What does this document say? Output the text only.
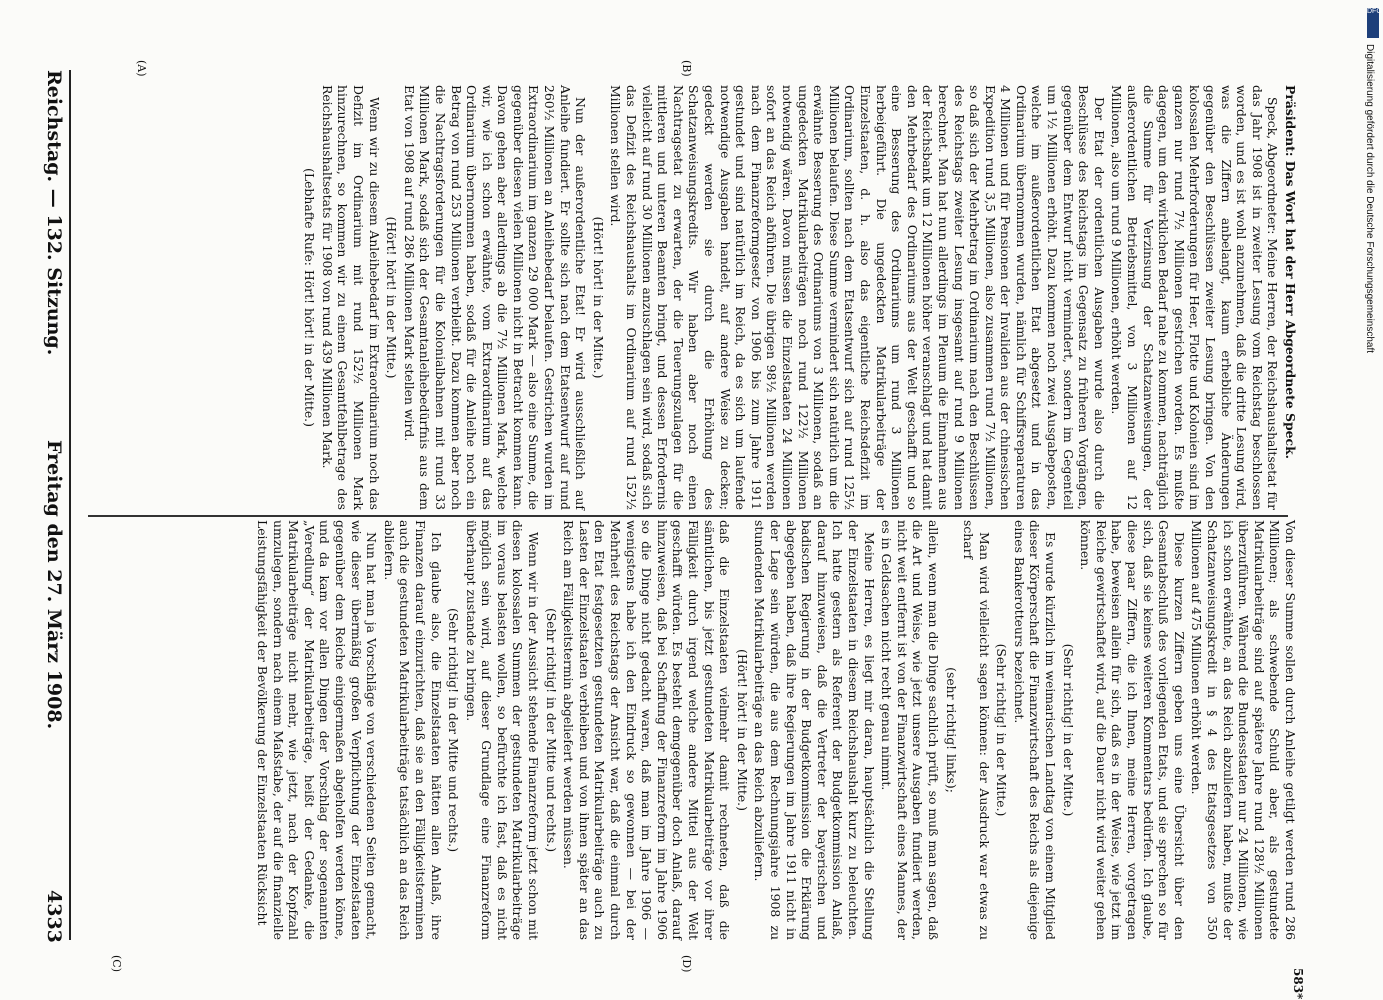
Reichstag. — 132. Sitzung.
Freitag den 27. März 1908.
4333

Präsident: Das Wort hat der Herr Abgeordnete Speck.

Speck, Abgeordneter: Meine Herren, der Reichshaushaltsetat für das Jahr 1908 ist in zweiter Lesung vom Reichstag beschlossen worden, und es ist wohl anzunehmen, daß die dritte Lesung wird, was die Ziffern anbelangt, kaum erhebliche Änderungen gegenüber den Beschlüssen zweiter Lesung bringen. Von den kolossalen Mehrforderungen für Heer, Flotte und Kolonien sind im ganzen nur rund 7½ Millionen gestrichen worden. Es mußte dagegen, um den wirklichen Bedarf nahe zu kommen, nachträglich die Summe für Verzinsung der Schatzanweisungen, der außerordentlichen Betriebsmittel, von 3 Millionen auf 12 Millionen, also um rund 9 Millionen, erhöht werden.

Der Etat der ordentlichen Ausgaben wurde also durch die Beschlüsse des Reichstags im Gegensatz zu früheren Vorgängen, gegenüber dem Entwurf nicht vermindert, sondern im Gegenteil um 1½ Millionen erhöht. Dazu kommen noch zwei Ausgabeposten, welche im außerordentlichen Etat abgesetzt und in das Ordinarium übernommen wurden, nämlich für Schiffsreparaturen 4 Millionen und für Pensionen der Invaliden aus der chinesischen Expedition rund 3,5 Millionen, also zusammen rund 7½ Millionen, so daß sich der Mehrbetrag im Ordinarium nach den Beschlüssen des Reichstags zweiter Lesung insgesamt auf rund 9 Millionen berechnet. Man hat nun allerdings im Plenum die Einnahmen aus der Reichsbank um 12 Millionen höher veranschlagt und hat damit den Mehrbedarf des Ordinariums aus der Welt geschafft und so eine Besserung des Ordinariums um rund 3 Millionen herbeigeführt. Die ungedeckten Matrikularbeiträge der Einzelstaaten, d. h. also das eigentliche Reichsdefizit im Ordinarium, sollten nach dem Etatsentwurf sich auf rund 125½ Millionen belaufen. Diese Summe vermindert sich natürlich um die erwähnte Besserung des Ordinariums von 3 Millionen, sodaß an ungedeckten Matrikularbeiträgen noch rund 122½ Millionen notwendig wären. Davon müssen die Einzelstaaten 24 Millionen sofort an das Reich abführen. Die übrigen 98½ Millionen werden nach dem Finanzreformgesetz von 1906 bis zum Jahre 1911 gestundet und sind natürlich im Reich, da es sich um laufende notwendige Ausgaben handelt, auf andere Weise zu decken; gedeckt werden sie durch die Erhöhung des Schatzanweisungskredits. Wir haben aber noch einen Nachtragsetat zu erwarten, der die Teuerungszulagen für die mittleren und unteren Beamten bringt, und dessen Erfordernis vielleicht auf rund 30 Millionen anzuschlagen sein wird, sodaß sich das Defizit des Reichshaushalts im Ordinarium auf rund 152½ Millionen stellen wird.

(Hört! hört! in der Mitte.)

Nun der außerordentliche Etat! Er wird ausschließlich auf Anleihe fundiert. Er sollte sich nach dem Etatsentwurf auf rund 260½ Millionen an Anleihebedarf belaufen. Gestrichen wurden im Extraordinarium im ganzen 29 000 Mark — also eine Summe, die gegenüber diesen vielen Millionen nicht in Betracht kommen kann. Davon gehen aber allerdings ab die 7½ Millionen Mark, welche wir, wie ich schon erwähnte, vom Extraordinarium auf das Ordinarium übernommen haben, sodaß für die Anleihe noch ein Betrag von rund 253 Millionen verbleibt. Dazu kommen aber noch die Nachtragsforderungen für die Kolonialbahnen mit rund 33 Millionen Mark, sodaß sich der Gesamtanleihebedürfnis aus dem Etat von 1908 auf rund 286 Millionen Mark stellen wird.

(Hört! hört! in der Mitte.)

Wenn wir zu diesem Anleihebedarf im Extraordinarium noch das Defizit im Ordinarium mit rund 152½ Millionen Mark hinzurechnen, so kommen wir zu einem Gesamtfehlbetrage des Reichshaushaltsetats für 1908 von rund 439 Millionen Mark.

(Lebhafte Rufe: Hört! hört! in der Mitte.)

Von dieser Summe sollen durch Anleihe getilgt werden rund 286 Millionen; als schwebende Schuld aber, als gestundete Matrikularbeiträge sind auf spätere Jahre rund 128½ Millionen überzuführen. Während die Bundesstaaten nur 24 Millionen, wie ich schon erwähnte, an das Reich abzuliefern haben, mußte der Schatzanweisungskredit in § 4 des Etatsgesetzes von 350 Millionen auf 475 Millionen erhöht werden.

Diese kurzen Ziffern geben uns eine Übersicht über den Gesamtabschluß des vorliegenden Etats, und sie sprechen so für sich, daß sie keines weiteren Kommentars bedürfen. Ich glaube, diese paar Ziffern, die ich Ihnen, meine Herren, vorgetragen habe, beweisen allein für sich, daß es in der Weise, wie jetzt im Reiche gewirtschaftet wird, auf die Dauer nicht wird weiter gehen können.

(Sehr richtig! in der Mitte.)

Es wurde kürzlich im weimarischen Landtag von einem Mitglied dieser Körperschaft die Finanzwirtschaft des Reichs als diejenige eines Bankerotteurs bezeichnet.

(Sehr richtig! in der Mitte.)

Man wird vielleicht sagen können: der Ausdruck war etwas zu scharf

(sehr richtig! links);

allein, wenn man die Dinge sachlich prüft, so muß man sagen, daß die Art und Weise, wie jetzt unsere Ausgaben fundiert werden, nicht weit entfernt ist von der Finanzwirtschaft eines Mannes, der es in Geldsachen nicht recht genau nimmt.

Meine Herren, es liegt mir daran, hauptsächlich die Stellung der Einzelstaaten in diesem Reichshaushalt kurz zu beleuchten. Ich hatte gestern als Referent der Budgetkommission Anlaß, darauf hinzuweisen, daß die Vertreter der bayerischen und badischen Regierung in der Budgetkommission die Erklärung abgegeben haben, daß ihre Regierungen im Jahre 1911 nicht in der Lage sein würden, die aus dem Rechnungsjahre 1908 zu stundenden Matrikularbeiträge an das Reich abzuliefern.

(Hört! hört! in der Mitte.)

daß die Einzelstaaten vielmehr damit rechneten, daß die sämtlichen, bis jetzt gestundeten Matrikularbeiträge vor ihrer Fälligkeit durch irgend welche andere Mittel aus der Welt geschafft würden. Es besteht demgegenüber doch Anlaß, darauf hinzuweisen, daß bei Schaffung der Finanzreform im Jahre 1906 so die Dinge nicht gedacht waren, daß man im Jahre 1906 — wenigstens habe ich den Eindruck so gewonnen — bei der Mehrheit des Reichstags der Ansicht war, daß die einmal durch den Etat festgesetzten gestundeten Matrikularbeiträge auch zu Lasten der Einzelstaaten verbleiben und von ihnen später an das Reich am Fälligkeitstermin abgeliefert werden müssen.

(Sehr richtig! in der Mitte und rechts.)

Wenn wir in der Aussicht stehende Finanzreform jetzt schon mit diesen kolossalen Summen der gestundeten Matrikularbeiträge im voraus belasten wollen, so befürchte ich fast, daß es nicht möglich sein wird, auf dieser Grundlage eine Finanzreform überhaupt zustande zu bringen.

(Sehr richtig! in der Mitte und rechts.)

Ich glaube also, die Einzelstaaten hätten allen Anlaß, ihre Finanzen darauf einzurichten, daß sie an den Fälligkeitsterminen auch die gestundeten Matrikularbeiträge tatsächlich an das Reich abliefern.

Nun hat man ja Vorschläge von verschiedenen Seiten gemacht, wie dieser übermäßig großen Verpflichtung der Einzelstaaten gegenüber dem Reiche einigermaßen abgeholfen werden könne, und da kam vor allen Dingen der Vorschlag der sogenannten „Veredlung“ der Matrikularbeiträge, heißt der Gedanke, die Matrikularbeiträge nicht mehr, wie jetzt, nach der Kopfzahl umzulegen, sondern nach einem Maßstabe, der auf die finanzielle Leistungsfähigkeit der Bevölkerung der Einzelstaaten Rücksicht

(A)	(B)
(C)	(D)
583*
DFG
Digitalisierung gefördert durch die Deutsche Forschungsgemeinschaft
